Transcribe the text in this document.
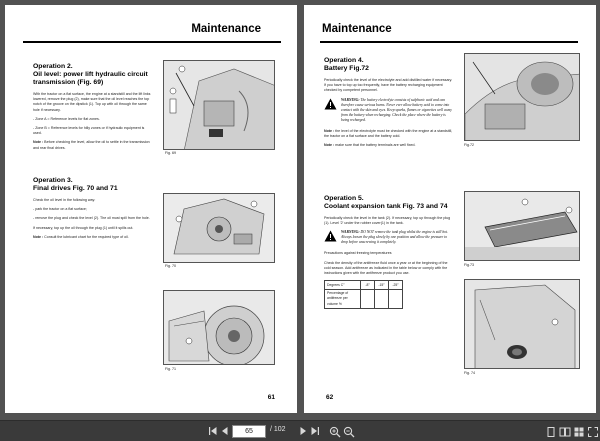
Maintenance
Operation 2.
Oil level: power lift hydraulic circuit transmission (Fig. 69)
With the tractor on a flat surface, the engine at a standstill and the lift links lowered, remove the plug (2), make sure that the oil level reaches the top notch of the groove on the dipstick (1). Top up with oil through the same hole if necessary.
- Zone A = Reference levels for flat zones.
- Zone B = Reference levels for hilly zones or if hydraulic equipment is used.
Note : Before checking the level, allow the oil to settle in the transmission and rear final drives.
Operation 3.
Final drives Fig. 70 and 71
Check the oil level in the following way:
- park the tractor on a flat surface;
- remove the plug and check the level (2). The oil must spill from the hole.
If necessary, top up the oil through the plug (1) until it spills out.
Note : Consult the lubricant chart for the required type of oil.
Fig. 69
Fig. 70
Fig. 71
61
Maintenance
Operation 4.
Battery Fig.72
Periodically check the level of the electrolyte and add distilled water if necessary. If you have to top up too frequently, have the battery recharging equipment checked by competent personnel.
WARNING: The battery electrolyte consists of sulphuric acid and can therefore cause serious burns. Never ever allow battery acid to come into contact with the skin and eyes. Keep sparks, flames or cigarettes well away from the battery when recharging. Check the place where the battery is being recharged.
Note : the level of the electrolyte must be checked with the engine at a standstill, the tractor on a flat surface and the battery cold.
Note : make sure that the battery terminals are well fixed.
Operation 5.
Coolant expansion tank Fig. 73 and 74
Periodically check the level in the tank (2). If necessary, top up through the plug (1). Level '2' under the rubber cover(1) in the tank.
WARNING: DO NOT remove the tank plug whilst the engine is still hot. Always loosen the plug slowly by one position and allow the pressure to drop before unscrewing it completely.
Precautions against freezing temperatures
Check the density of the antifreeze fluid once a year or at the beginning of the cold season. Add antifreeze as indicated in the table below or comply with the instructions given with the antifreeze product you use.
Degrees C°	-8°	-15°	-25°
Percentage of antifreeze per volume %			
Fig.72
Fig.73
Fig. 74
62
65	/ 102
